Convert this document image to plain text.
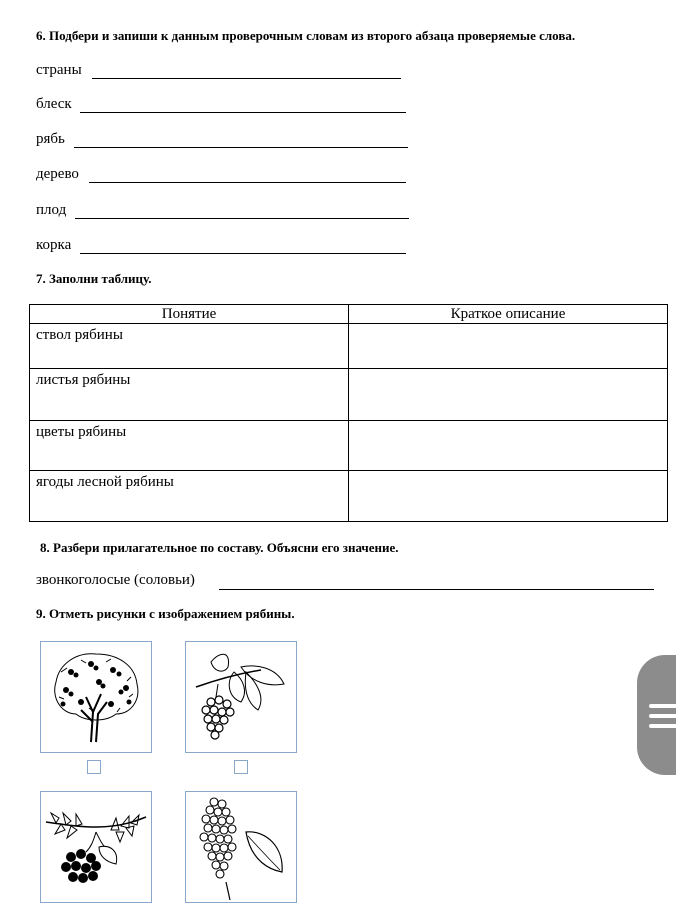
6. Подбери и запиши к данным проверочным словам из второго абзаца проверяемые слова.
страны
блеск
рябь
дерево
плод
корка
7. Заполни таблицу.
Понятие	Краткое описание
ствол рябины	
листья рябины	
цветы рябины	
ягоды лесной рябины	
8. Разбери прилагательное по составу. Объясни его значение.
звонкоголосые (соловьи)
9. Отметь рисунки с изображением рябины.
